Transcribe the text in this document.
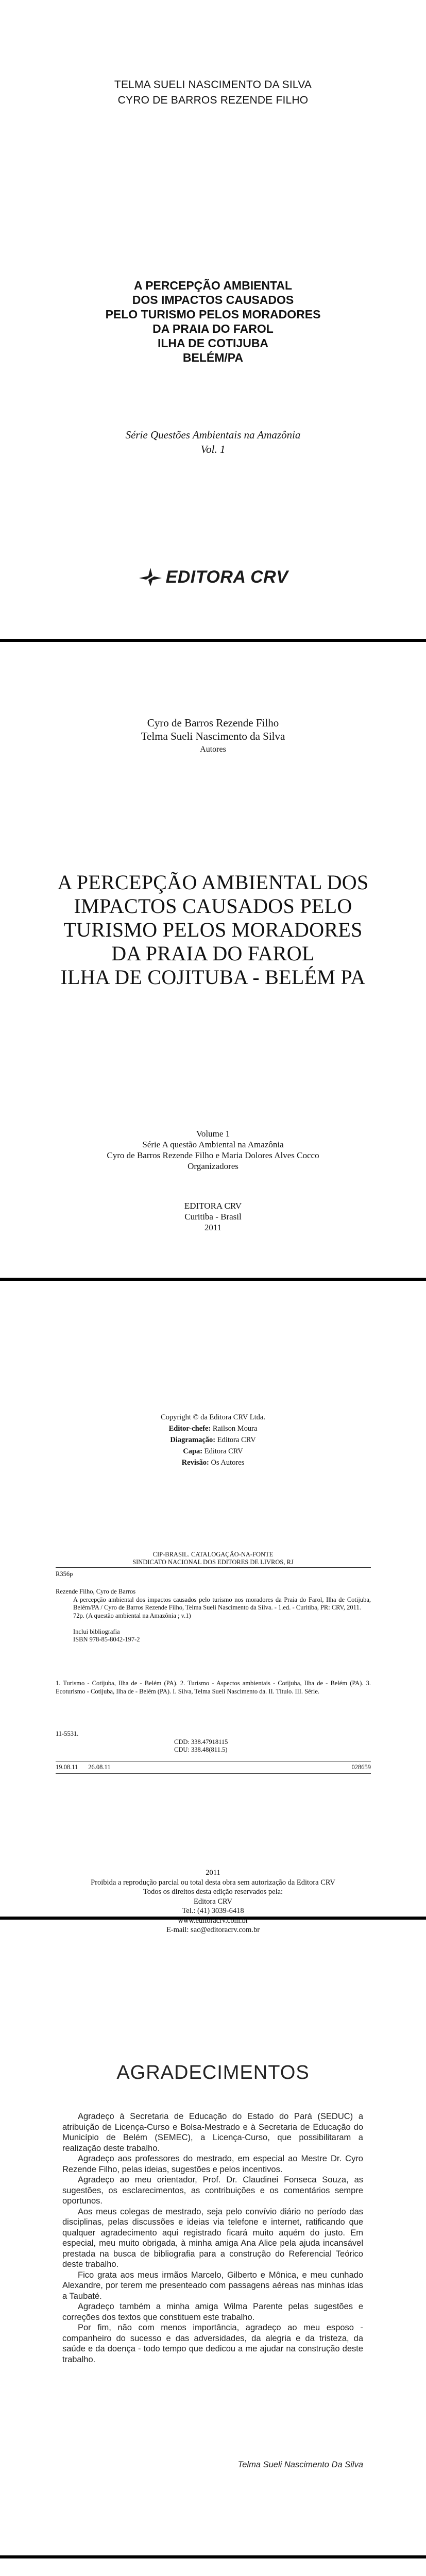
TELMA SUELI NASCIMENTO DA SILVA
CYRO DE BARROS REZENDE FILHO
A PERCEPÇÃO AMBIENTAL
DOS IMPACTOS CAUSADOS
PELO TURISMO PELOS MORADORES
DA PRAIA DO FAROL
ILHA DE COTIJUBA
BELÉM/PA
Série Questões Ambientais na Amazônia
Vol. 1
EDITORA CRV
Cyro de Barros Rezende Filho
Telma Sueli Nascimento da Silva
Autores
A PERCEPÇÃO AMBIENTAL DOS
IMPACTOS CAUSADOS PELO
TURISMO PELOS MORADORES
DA PRAIA DO FAROL
ILHA DE COJITUBA - BELÉM PA
Volume 1
Série A questão Ambiental na Amazônia
Cyro de Barros Rezende Filho e Maria Dolores Alves Cocco
Organizadores
EDITORA CRV
Curitiba - Brasil
2011
Copyright © da Editora CRV Ltda.
Editor-chefe: Railson Moura
Diagramação: Editora CRV
Capa: Editora CRV
Revisão: Os Autores
CIP-BRASIL. CATALOGAÇÃO-NA-FONTE
SINDICATO NACIONAL DOS EDITORES DE LIVROS, RJ
R356p

Rezende Filho, Cyro de Barros

A percepção ambiental dos impactos causados pelo turismo nos moradores da Praia do Farol, Ilha de Cotijuba, Belém/PA / Cyro de Barros Rezende Filho, Telma Sueli Nascimento da Silva. - 1.ed. - Curitiba, PR: CRV, 2011.

72p. (A questão ambiental na Amazônia ; v.1)

Inclui bibliografia

ISBN 978-85-8042-197-2

1. Turismo - Cotijuba, Ilha de - Belém (PA). 2. Turismo - Aspectos ambientais - Cotijuba, Ilha de - Belém (PA). 3. Ecoturismo - Cotijuba, Ilha de - Belém (PA). I. Silva, Telma Sueli Nascimento da. II. Título. III. Série.
11-5531.
CDD: 338.47918115
CDU: 338.48(811.5)
19.08.11 26.08.11	028659
2011
Proibida a reprodução parcial ou total desta obra sem autorização da Editora CRV
Todos os direitos desta edição reservados pela:
Editora CRV
Tel.: (41) 3039-6418
www.editoracrv.com.br
E-mail: sac@editoracrv.com.br
AGRADECIMENTOS

Agradeço à Secretaria de Educação do Estado do Pará (SEDUC) a atribuição de Licença-Curso e Bolsa-Mestrado e à Secretaria de Educação do Município de Belém (SEMEC), a Licença-Curso, que possibilitaram a realização deste trabalho.

Agradeço aos professores do mestrado, em especial ao Mestre Dr. Cyro Rezende Filho, pelas ideias, sugestões e pelos incentivos.

Agradeço ao meu orientador, Prof. Dr. Claudinei Fonseca Souza, as sugestões, os esclarecimentos, as contribuições e os comentários sempre oportunos.

Aos meus colegas de mestrado, seja pelo convívio diário no período das disciplinas, pelas discussões e ideias via telefone e internet, ratificando que qualquer agradecimento aqui registrado ficará muito aquém do justo. Em especial, meu muito obrigada, à minha amiga Ana Alice pela ajuda incansável prestada na busca de bibliografia para a construção do Referencial Teórico deste trabalho.

Fico grata aos meus irmãos Marcelo, Gilberto e Mônica, e meu cunhado Alexandre, por terem me presenteado com passagens aéreas nas minhas idas a Taubaté.

Agradeço também a minha amiga Wilma Parente pelas sugestões e correções dos textos que constituem este trabalho.

Por fim, não com menos importância, agradeço ao meu esposo - companheiro do sucesso e das adversidades, da alegria e da tristeza, da saúde e da doença - todo tempo que dedicou a me ajudar na construção deste trabalho.

Telma Sueli Nascimento Da Silva
